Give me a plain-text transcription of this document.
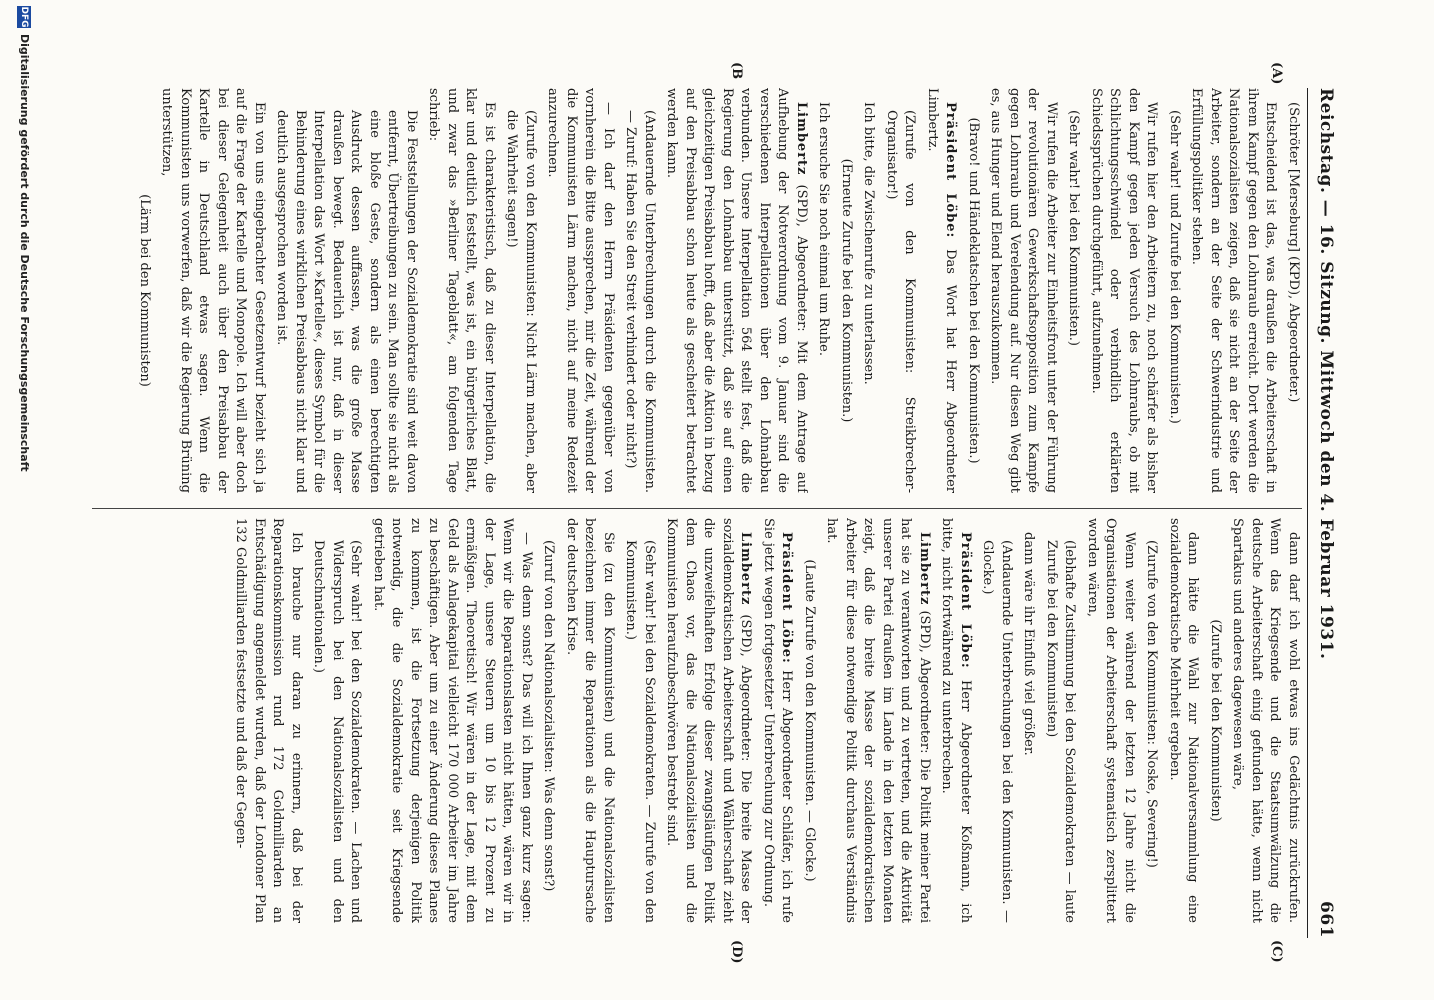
Reichstag. — 16. Sitzung. Mittwoch den 4. Februar 1931.
661
(A)
(B
(C)
(D)

(Schröter [Merseburg] (KPD), Abgeordneter.)

Entscheidend ist das, was draußen die Arbeiterschaft in ihrem Kampf gegen den Lohnraub erreicht. Dort werden die Nationalsozialisten zeigen, daß sie nicht an der Seite der Arbeiter, sondern an der Seite der Schwerindustrie und Erfüllungspolitiker stehen.

(Sehr wahr! und Zurufe bei den Kommunisten.)

Wir rufen hier den Arbeitern zu, noch schärfer als bisher den Kampf gegen jeden Versuch des Lohnraubs, ob mit Schlichtungsschwindel oder verbindlich erklärten Schiedssprüchen durchgeführt, aufzunehmen.

(Sehr wahr! bei den Kommunisten.)

Wir rufen die Arbeiter zur Einheitsfront unter der Führung der revolutionären Gewerkschaftsopposition zum Kampfe gegen Lohnraub und Verelendung auf. Nur diesen Weg gibt es, aus Hunger und Elend herauszukommen.

(Bravo! und Händeklatschen bei den Kommunisten.)

Präsident Löbe: Das Wort hat Herr Abgeordneter Limbertz.

(Zurufe von den Kommunisten: Streikbrecher-Organisator!)

Ich bitte, die Zwischenrufe zu unterlassen.

(Erneute Zurufe bei den Kommunisten.)

Ich ersuche Sie noch einmal um Ruhe.

Limbertz (SPD), Abgeordneter: Mit dem Antrage auf Aufhebung der Notverordnung vom 9. Januar sind die verschiedenen Interpellationen über den Lohnabbau verbunden. Unsere Interpellation 564 stellt fest, daß die Regierung den Lohnabbau unterstützt, daß sie auf einen gleichzeitigen Preisabbau hofft, daß aber die Aktion in bezug auf den Preisabbau schon heute als gescheitert betrachtet werden kann.

(Andauernde Unterbrechungen durch die Kommunisten. — Zuruf: Haben Sie den Streit verhindert oder nicht?)

— Ich darf den Herrn Präsidenten gegenüber von vornherein die Bitte aussprechen, mir die Zeit, während der die Kommunisten Lärm machen, nicht auf meine Redezeit anzurechnen.

(Zurufe von den Kommunisten: Nicht Lärm machen, aber die Wahrheit sagen!)

Es ist charakteristisch, daß zu dieser Interpellation, die klar und deutlich feststellt, was ist, ein bürgerliches Blatt, und zwar das »Berliner Tageblatt«, am folgenden Tage schrieb:

Die Feststellungen der Sozialdemokratie sind weit davon entfernt, Übertreibungen zu sein. Man sollte sie nicht als eine bloße Geste, sondern als einen berechtigten Ausdruck dessen auffassen, was die große Masse draußen bewegt. Bedauerlich ist nur, daß in dieser Interpellation das Wort »Kartelle«, dieses Symbol für die Behinderung eines wirklichen Preisabbaus nicht klar und deutlich ausgesprochen worden ist.

Ein von uns eingebrachter Gesetzentwurf bezieht sich ja auf die Frage der Kartelle und Monopole. Ich will aber doch bei dieser Gelegenheit auch über den Preisabbau der Kartelle in Deutschland etwas sagen. Wenn die Kommunisten uns vorwerfen, daß wir die Regierung Brüning unterstützen,

(Lärm bei den Kommunisten)

dann darf ich wohl etwas ins Gedächtnis zurückrufen. Wenn das Kriegsende und die Staatsumwälzung die deutsche Arbeiterschaft einig gefunden hätte, wenn nicht Spartakus und anderes dagewesen wäre,

(Zurufe bei den Kommunisten)

dann hätte die Wahl zur Nationalversammlung eine sozialdemokratische Mehrheit ergeben.

(Zurufe von den Kommunisten: Noske, Severing!)

Wenn weiter während der letzten 12 Jahre nicht die Organisationen der Arbeiterschaft systematisch zersplittert worden wären,

(lebhafte Zustimmung bei den Sozialdemokraten — laute Zurufe bei den Kommunisten)

dann wäre ihr Einfluß viel größer.

(Andauernde Unterbrechungen bei den Kommunisten. — Glocke.)

Präsident Löbe: Herr Abgeordneter Koßmann, ich bitte, nicht fortwährend zu unterbrechen.

Limbertz (SPD), Abgeordneter: Die Politik meiner Partei hat sie zu verantworten und zu vertreten, und die Aktivität unserer Partei draußen im Lande in den letzten Monaten zeigt, daß die breite Masse der sozialdemokratischen Arbeiter für diese notwendige Politik durchaus Verständnis hat.

(Laute Zurufe von den Kommunisten. — Glocke.)

Präsident Löbe: Herr Abgeordneter Schläfer, ich rufe Sie jetzt wegen fortgesetzter Unterbrechung zur Ordnung.

Limbertz (SPD), Abgeordneter: Die breite Masse der sozialdemokratischen Arbeiterschaft und Wählerschaft zieht die unzweifelhaften Erfolge dieser zwangsläufigen Politik dem Chaos vor, das die Nationalsozialisten und die Kommunisten heraufzubeschwören bestrebt sind.

(Sehr wahr! bei den Sozialdemokraten. — Zurufe von den Kommunisten.)

Sie (zu den Kommunisten) und die Nationalsozialisten bezeichnen immer die Reparationen als die Hauptursache der deutschen Krise.

(Zuruf von den Nationalsozialisten: Was denn sonst?)

— Was denn sonst? Das will ich Ihnen ganz kurz sagen: Wenn wir die Reparationslasten nicht hätten, wären wir in der Lage, unsere Steuern um 10 bis 12 Prozent zu ermäßigen. Theoretisch! Wir wären in der Lage, mit dem Geld als Anlagekapital vielleicht 170 000 Arbeiter im Jahre zu beschäftigen. Aber um zu einer Änderung dieses Planes zu kommen, ist die Fortsetzung derjenigen Politik notwendig, die die Sozialdemokratie seit Kriegsende getrieben hat.

(Sehr wahr! bei den Sozialdemokraten. — Lachen und Widerspruch bei den Nationalsozialisten und den Deutschnationalen.)

Ich brauche nur daran zu erinnern, daß bei der Reparationskommission rund 172 Goldmilliarden an Entschädigung angemeldet wurden, daß der Londoner Plan 132 Goldmilliarden festsetzte und daß der Gegen-

DFG
Digitalisierung gefördert durch die Deutsche Forschungsgemeinschaft
